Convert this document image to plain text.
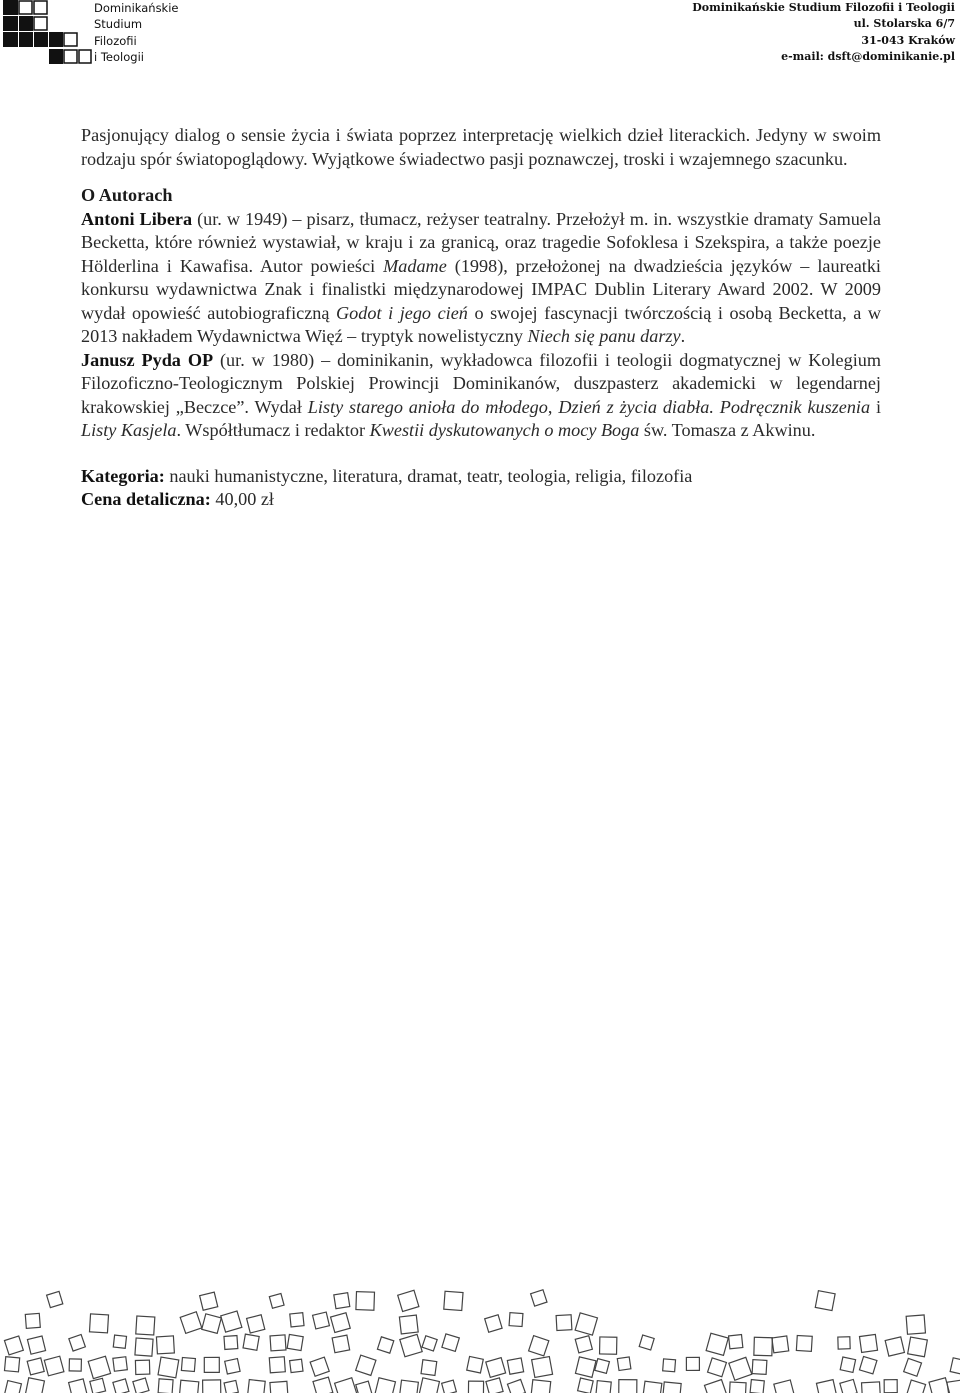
Dominikańskie
Studium
Filozofii
i Teologii
Dominikańskie Studium Filozofii i Teologii
ul. Stolarska 6/7
31-043 Kraków
e-mail: dsft@dominikanie.pl

Pasjonujący dialog o sensie życia i świata poprzez interpretację wielkich dzieł literackich. Jedyny w swoim rodzaju spór światopoglądowy. Wyjątkowe świadectwo pasji poznawczej, troski i wzajemnego szacunku.

O Autorach

Antoni Libera (ur. w 1949) – pisarz, tłumacz, reżyser teatralny. Przełożył m. in. wszystkie dramaty Samuela Becketta, które również wystawiał, w kraju i za granicą, oraz tragedie Sofoklesa i Szekspira, a także poezje Hölderlina i Kawafisa. Autor powieści Madame (1998), przełożonej na dwadzieścia języków – laureatki konkursu wydawnictwa Znak i finalistki międzynarodowej IMPAC Dublin Literary Award 2002. W 2009 wydał opowieść autobiograficzną Godot i jego cień o swojej fascynacji twórczością i osobą Becketta, a w 2013 nakładem Wydawnictwa Więź – tryptyk nowelistyczny Niech się panu darzy.

Janusz Pyda OP (ur. w 1980) – dominikanin, wykładowca filozofii i teologii dogmatycznej w Kolegium Filozoficzno-Teologicznym Polskiej Prowincji Dominikanów, duszpasterz akademicki w legendarnej krakowskiej „Beczce”. Wydał Listy starego anioła do młodego, Dzień z życia diabła. Podręcznik kuszenia i Listy Kasjela. Współtłumacz i redaktor Kwestii dyskutowanych o mocy Boga św. Tomasza z Akwinu.

Kategoria: nauki humanistyczne, literatura, dramat, teatr, teologia, religia, filozofia

Cena detaliczna: 40,00 zł
